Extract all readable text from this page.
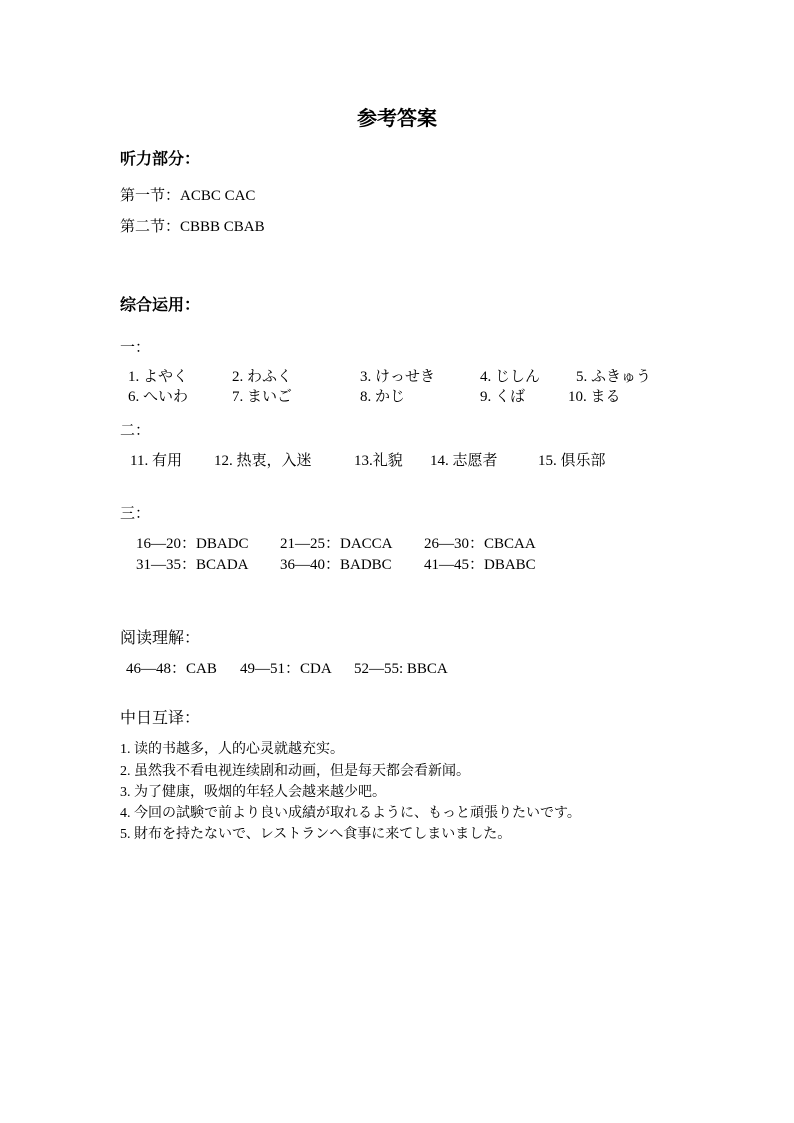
参考答案
听力部分：
第一节：ACBC CAC
第二节：CBBB CBAB
综合运用：
一：
1. よやく	2. わふく	3. けっせき	4. じしん 5. ふきゅう
6. へいわ	7. まいご	8. かじ	9. くば	10. まる
二：
11. 有用 12. 热衷，入迷	13.礼貌 14. 志愿者	15. 俱乐部
三：
16—20：DBADC 21—25：DACCA 26—30：CBCAA
31—35：BCADA 36—40：BADBC 41—45：DBABC
阅读理解：
46—48：CAB 49—51：CDA 52—55: BBCA
中日互译：
1. 读的书越多，人的心灵就越充实。
2. 虽然我不看电视连续剧和动画，但是每天都会看新闻。
3. 为了健康，吸烟的年轻人会越来越少吧。
4. 今回の試験で前より良い成績が取れるように、もっと頑張りたいです。
5. 財布を持たないで、レストランへ食事に来てしまいました。
